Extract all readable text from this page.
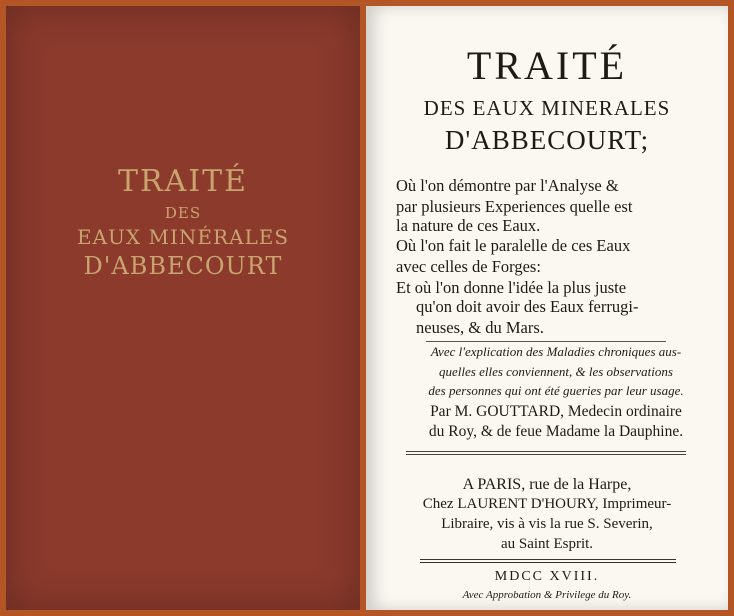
TRAITÉ
DES
EAUX MINÉRALES
D'ABBECOURT
TRAITÉ
DES EAUX MINERALES
D'ABBECOURT;
Où l'on démontre par l'Analyse &
par plusieurs Experiences quelle est
la nature de ces Eaux.
Où l'on fait le paralelle de ces Eaux
avec celles de Forges:
Et où l'on donne l'idée la plus juste
qu'on doit avoir des Eaux ferrugi-
neuses, & du Mars.
Avec l'explication des Maladies chroniques aus-
quelles elles conviennent, & les observations
des personnes qui ont été gueries par leur usage.
Par M. GOUTTARD, Medecin ordinaire
du Roy, & de feue Madame la Dauphine.
A PARIS, rue de la Harpe,
Chez LAURENT D'HOURY, Imprimeur-
Libraire, vis à vis la rue S. Severin,
au Saint Esprit.
MDCC XVIII.
Avec Approbation & Privilege du Roy.
